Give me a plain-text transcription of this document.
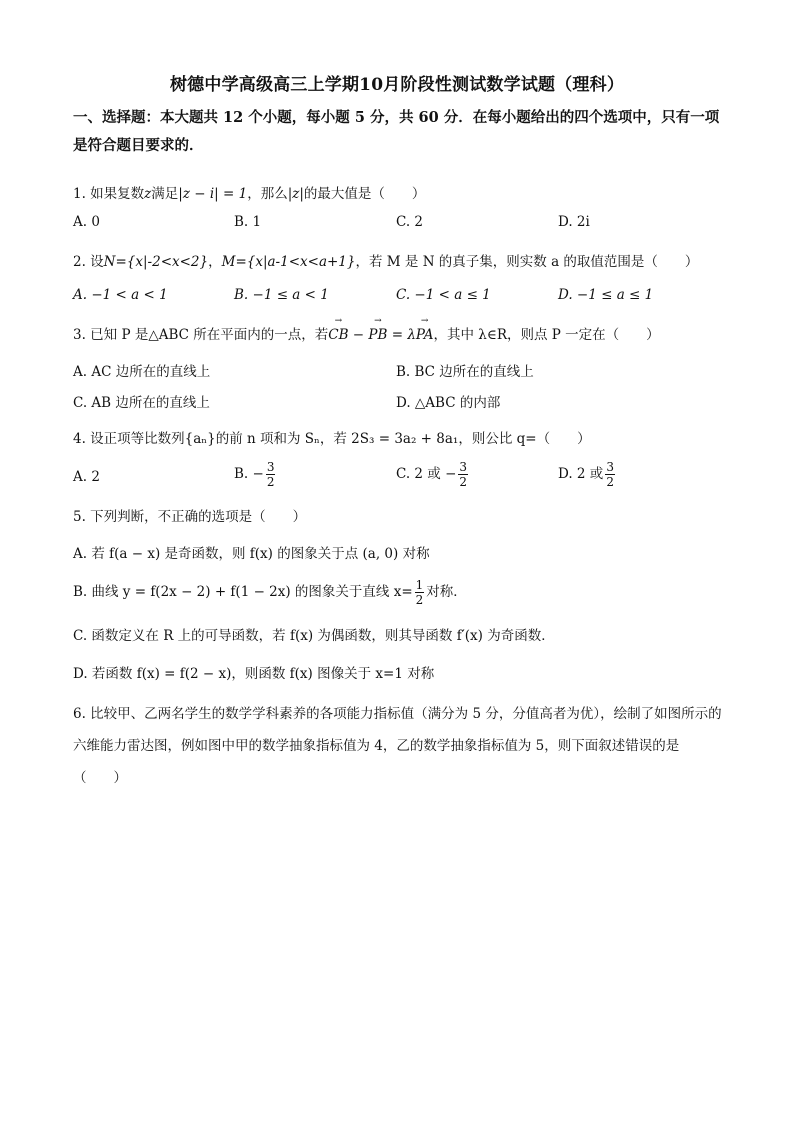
树德中学高级高三上学期10月阶段性测试数学试题（理科）
一、选择题：本大题共 12 个小题，每小题 5 分，共 60 分．在每小题给出的四个选项中，只有一项是符合题目要求的．
1. 如果复数z满足|z − i| = 1，那么|z|的最大值是（　　）
A. 0	B. 1	C. 2	D. 2i
2. 设N={x|-2<x<2}，M={x|a-1<x<a+1}，若 M 是 N 的真子集，则实数 a 的取值范围是（　　）
A. −1 < a < 1	B. −1 ≤ a < 1	C. −1 < a ≤ 1	D. −1 ≤ a ≤ 1
3. 已知 P 是△ABC 所在平面内的一点，若→ CB − → PB = λ→ PA，其中 λ∈R，则点 P 一定在（　　）
A. AC 边所在的直线上	B. BC 边所在的直线上
C. AB 边所在的直线上	D. △ABC 的内部
4. 设正项等比数列{aₙ}的前 n 项和为 Sₙ，若 2S₃ = 3a₂ + 8a₁，则公比 q=（　　）
A. 2	B. − $\frac{3}{2}$	C. 2 或 − $\frac{3}{2}$	D. 2 或 $\frac{3}{2}$
5. 下列判断，不正确的选项是（　　）
A. 若 f(a − x) 是奇函数，则 f(x) 的图象关于点 (a, 0) 对称
B. 曲线 y = f(2x − 2) + f(1 − 2x) 的图象关于直线 $x= \frac{1}{2}$ 对称．
C. 函数定义在 R 上的可导函数，若 f(x) 为偶函数，则其导函数 f′(x) 为奇函数．
D. 若函数 f(x) = f(2 − x)，则函数 f(x) 图像关于 x=1 对称
6. 比较甲、乙两名学生的数学学科素养的各项能力指标值（满分为 5 分，分值高者为优），绘制了如图所示的六维能力雷达图，例如图中甲的数学抽象指标值为 4，乙的数学抽象指标值为 5，则下面叙述错误的是（　　）
